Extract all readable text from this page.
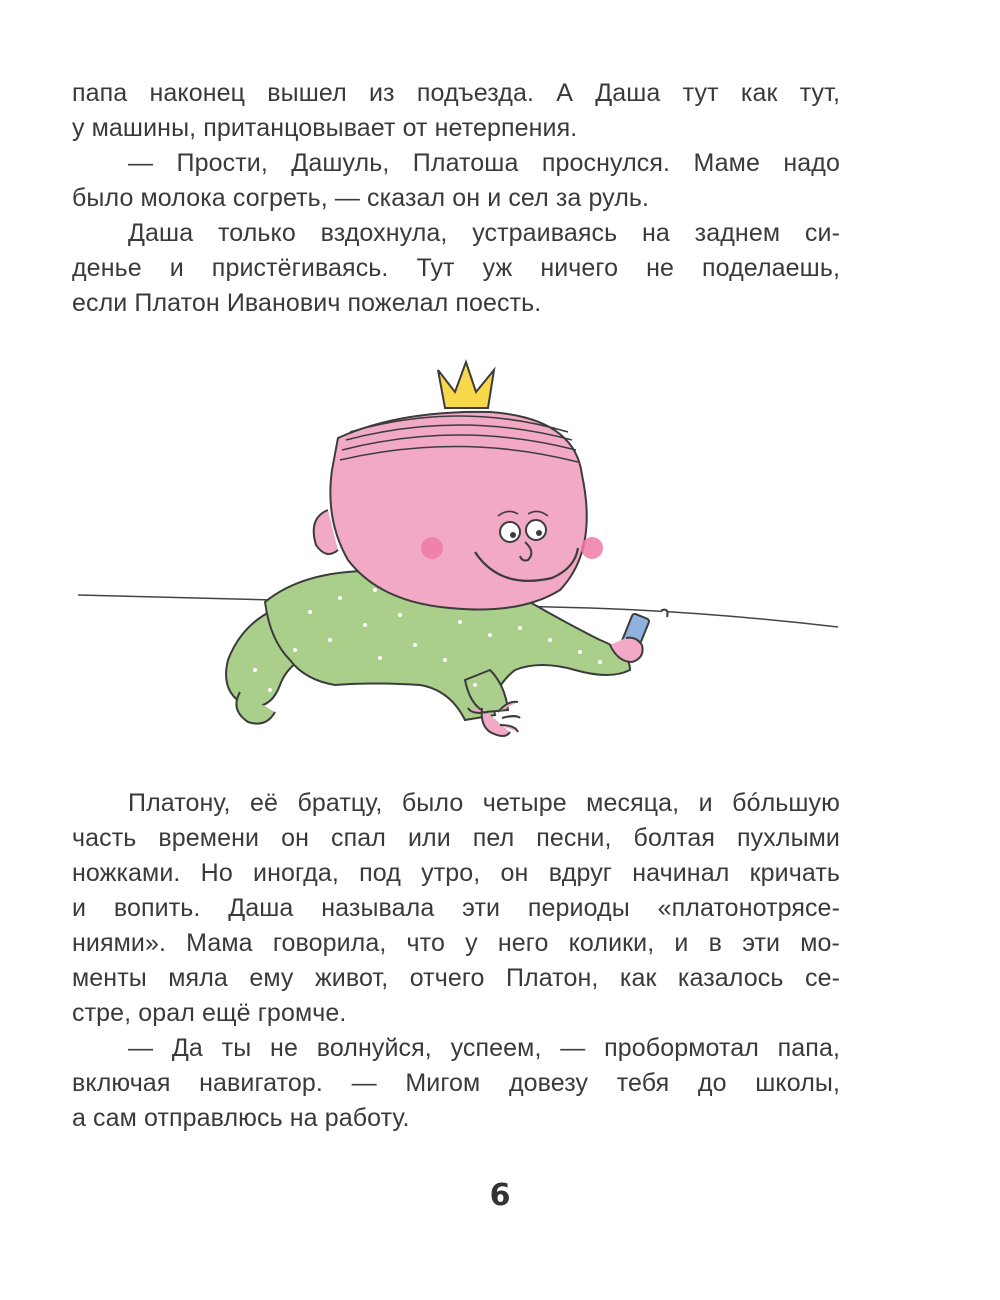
папа наконец вышел из подъезда. А Даша тут как тут,
у машины, пританцовывает от нетерпения.
— Прости, Дашуль, Платоша проснулся. Маме надо
было молока согреть, — сказал он и сел за руль.
Даша только вздохнула, устраиваясь на заднем си-
денье и пристёгиваясь. Тут уж ничего не поделаешь,
если Платон Иванович пожелал поесть.
Платону, её братцу, было четыре месяца, и бóльшую
часть времени он спал или пел песни, болтая пухлыми
ножками. Но иногда, под утро, он вдруг начинал кричать
и вопить. Даша называла эти периоды «платонотрясе-
ниями». Мама говорила, что у него колики, и в эти мо-
менты мяла ему живот, отчего Платон, как казалось се-
стре, орал ещё громче.
— Да ты не волнуйся, успеем, — пробормотал папа,
включая навигатор. — Мигом довезу тебя до школы,
а сам отправлюсь на работу.
6
